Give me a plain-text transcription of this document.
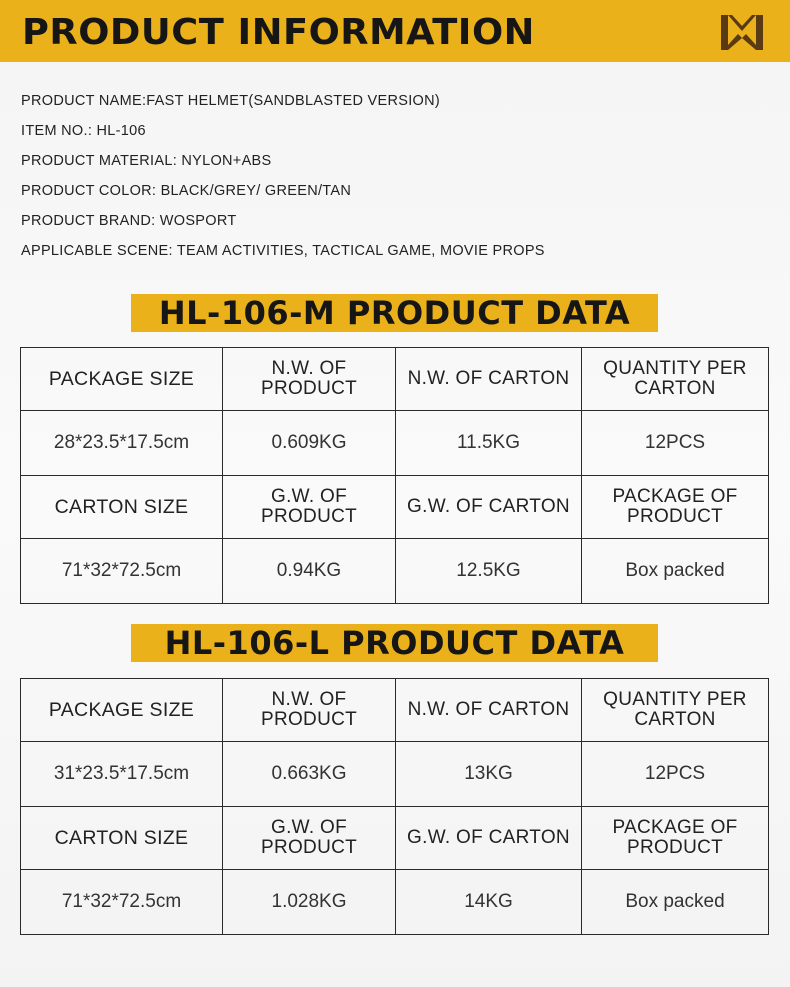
PRODUCT INFORMATION
PRODUCT NAME:FAST HELMET(SANDBLASTED VERSION)
ITEM NO.: HL-106
PRODUCT MATERIAL: NYLON+ABS
PRODUCT COLOR: BLACK/GREY/ GREEN/TAN
PRODUCT BRAND: WOSPORT
APPLICABLE SCENE: TEAM ACTIVITIES, TACTICAL GAME, MOVIE PROPS
HL-106-M PRODUCT DATA
PACKAGE SIZE	N.W. OF PRODUCT	N.W. OF CARTON	QUANTITY PER CARTON
28*23.5*17.5cm	0.609KG	11.5KG	12PCS
CARTON SIZE	G.W. OF PRODUCT	G.W. OF CARTON	PACKAGE OF PRODUCT
71*32*72.5cm	0.94KG	12.5KG	Box packed
HL-106-L PRODUCT DATA
PACKAGE SIZE	N.W. OF PRODUCT	N.W. OF CARTON	QUANTITY PER CARTON
31*23.5*17.5cm	0.663KG	13KG	12PCS
CARTON SIZE	G.W. OF PRODUCT	G.W. OF CARTON	PACKAGE OF PRODUCT
71*32*72.5cm	1.028KG	14KG	Box packed
